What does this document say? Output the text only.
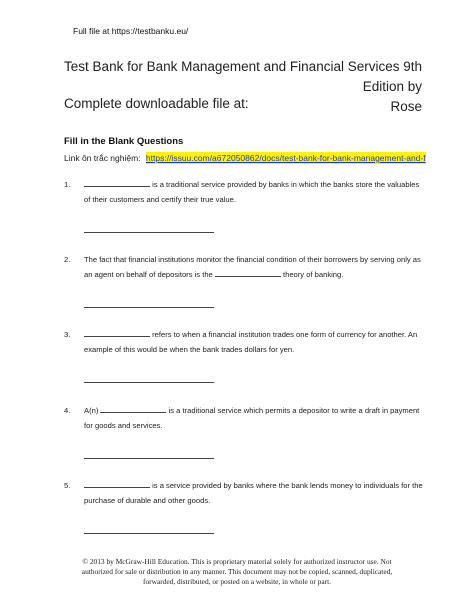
Full file at https://testbanku.eu/
Test Bank for Bank Management and Financial Services 9th Edition by
Rose
Complete downloadable file at:
Fill in the Blank Questions
Link ôn trắc nghiệm: https://issuu.com/a672050862/docs/test-bank-for-bank-management-and-f
1.	is a traditional service provided by banks in which the banks store the valuables of their customers and certify their true value.
2. The fact that financial institutions monitor the financial condition of their borrowers by serving only as an agent on behalf of depositors is the	theory of banking.
3.	refers to when a financial institution trades one form of currency for another. An example of this would be when the bank trades dollars for yen.
4. A(n)	is a traditional service which permits a depositor to write a draft in payment for goods and services.
5.	is a service provided by banks where the bank lends money to individuals for the purchase of durable and other goods.
© 2013 by McGraw-Hill Education. This is proprietary material solely for authorized instructor use. Not
authorized for sale or distribution in any manner. This document may not be copied, scanned, duplicated,
forwarded, distributed, or posted on a website, in whole or part.
